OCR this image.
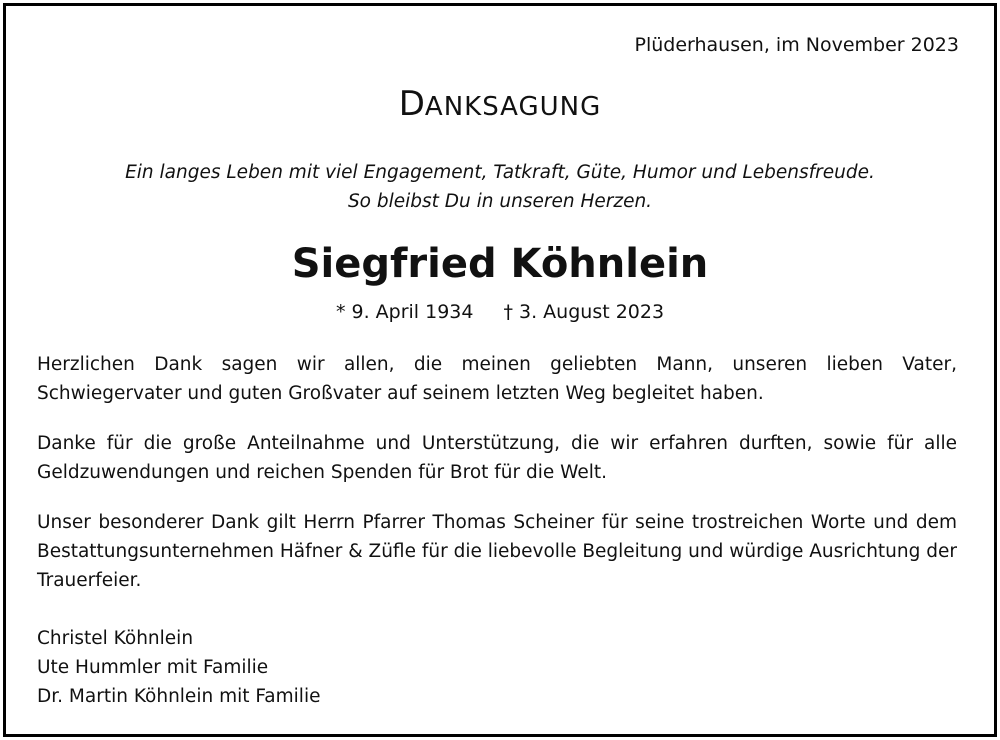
Plüderhausen, im November 2023
DANKSAGUNG
Ein langes Leben mit viel Engagement, Tatkraft, Güte, Humor und Lebensfreude.
So bleibst Du in unseren Herzen.
Siegfried Köhnlein
* 9. April 1934 † 3. August 2023

Herzlichen Dank sagen wir allen, die meinen geliebten Mann, unseren lieben Vater, Schwiegervater und guten Großvater auf seinem letzten Weg begleitet haben.

Danke für die große Anteilnahme und Unterstützung, die wir erfahren durften, sowie für alle Geldzuwendungen und reichen Spenden für Brot für die Welt.

Unser besonderer Dank gilt Herrn Pfarrer Thomas Scheiner für seine trostreichen Worte und dem Bestattungsunternehmen Häfner & Züfle für die liebevolle Begleitung und würdige Ausrichtung der Trauerfeier.

Christel Köhnlein
Ute Hummler mit Familie
Dr. Martin Köhnlein mit Familie
